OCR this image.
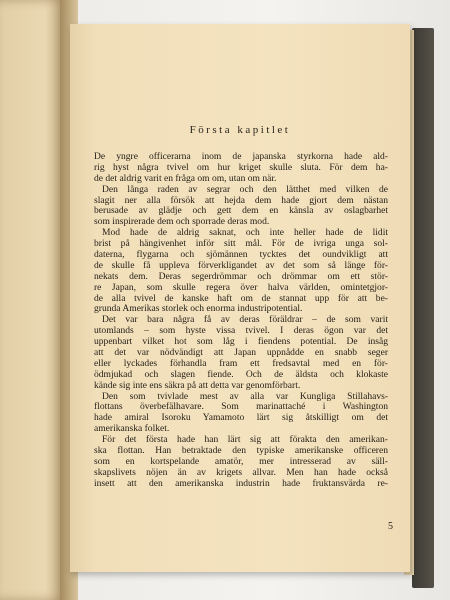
Första kapitlet
De yngre officerarna inom de japanska styrkorna hade ald-
rig hyst några tvivel om hur kriget skulle sluta. För dem ha-
de det aldrig varit en fråga om om, utan om när.
Den långa raden av segrar och den lätthet med vilken de
slagit ner alla försök att hejda dem hade gjort dem nästan
berusade av glädje och gett dem en känsla av oslagbarhet
som inspirerade dem och sporrade deras mod.
Mod hade de aldrig saknat, och inte heller hade de lidit
brist på hängivenhet inför sitt mål. För de ivriga unga sol-
daterna, flygarna och sjömännen tycktes det oundvikligt att
de skulle få uppleva förverkligandet av det som så länge för-
nekats dem. Deras segerdrömmar och drömmar om ett stör-
re Japan, som skulle regera över halva världen, omintetgjor-
de alla tvivel de kanske haft om de stannat upp för att be-
grunda Amerikas storlek och enorma industripotential.
Det var bara några få av deras föräldrar – de som varit
utomlands – som hyste vissa tvivel. I deras ögon var det
uppenbart vilket hot som låg i fiendens potential. De insåg
att det var nödvändigt att Japan uppnådde en snabb seger
eller lyckades förhandla fram ett fredsavtal med en för-
ödmjukad och slagen fiende. Och de äldsta och klokaste
kände sig inte ens säkra på att detta var genomförbart.
Den som tvivlade mest av alla var Kungliga Stillahavs-
flottans överbefälhavare. Som marinattaché i Washington
hade amiral Isoroku Yamamoto lärt sig åtskilligt om det
amerikanska folket.
För det första hade han lärt sig att förakta den amerikan-
ska flottan. Han betraktade den typiske amerikanske officeren
som en kortspelande amatör, mer intresserad av säll-
skapslivets nöjen än av krigets allvar. Men han hade också
insett att den amerikanska industrin hade fruktansvärda re-
5
